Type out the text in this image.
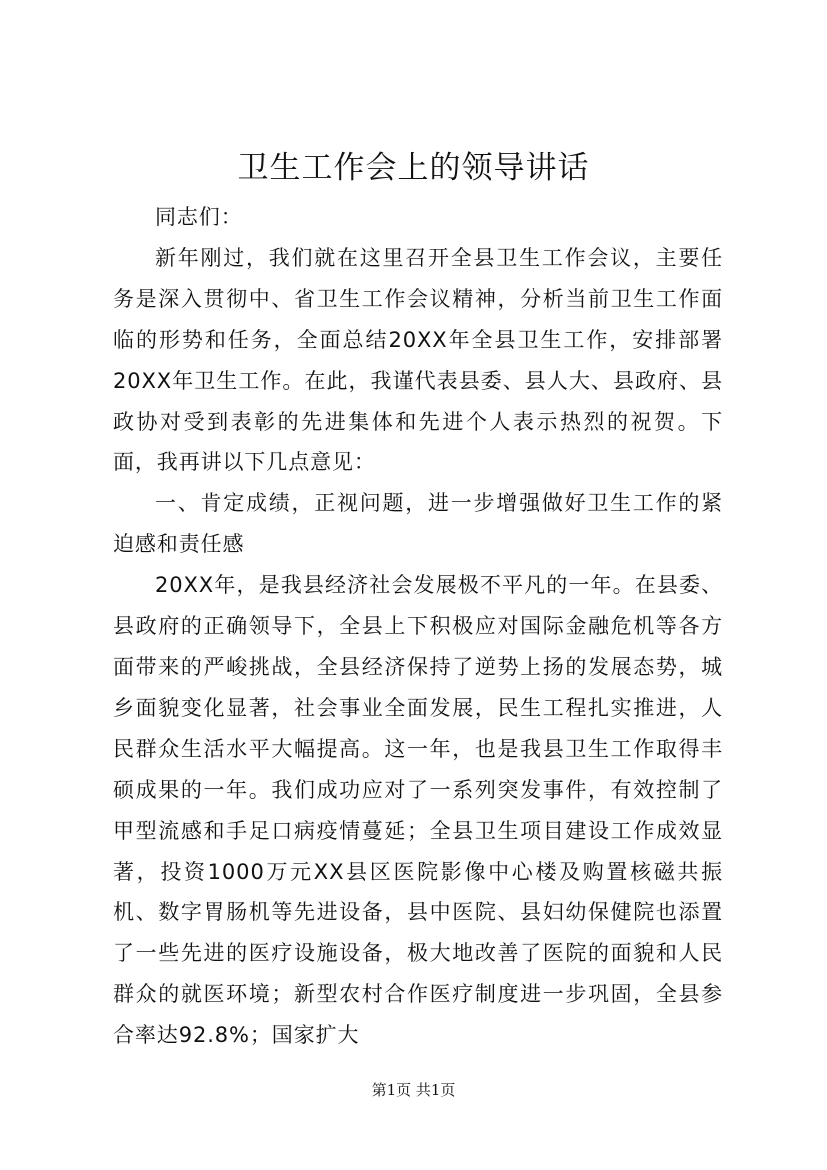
卫生工作会上的领导讲话

同志们：

新年刚过，我们就在这里召开全县卫生工作会议，主要任务是深入贯彻中、省卫生工作会议精神，分析当前卫生工作面临的形势和任务，全面总结20XX年全县卫生工作，安排部署20XX年卫生工作。在此，我谨代表县委、县人大、县政府、县政协对受到表彰的先进集体和先进个人表示热烈的祝贺。下面，我再讲以下几点意见：

一、肯定成绩，正视问题，进一步增强做好卫生工作的紧迫感和责任感

20XX年，是我县经济社会发展极不平凡的一年。在县委、县政府的正确领导下，全县上下积极应对国际金融危机等各方面带来的严峻挑战，全县经济保持了逆势上扬的发展态势，城乡面貌变化显著，社会事业全面发展，民生工程扎实推进，人民群众生活水平大幅提高。这一年，也是我县卫生工作取得丰硕成果的一年。我们成功应对了一系列突发事件，有效控制了甲型流感和手足口病疫情蔓延；全县卫生项目建设工作成效显著，投资1000万元XX县区医院影像中心楼及购置核磁共振机、数字胃肠机等先进设备，县中医院、县妇幼保健院也添置了一些先进的医疗设施设备，极大地改善了医院的面貌和人民群众的就医环境；新型农村合作医疗制度进一步巩固，全县参合率达92.8%；国家扩大

第1页 共1页
